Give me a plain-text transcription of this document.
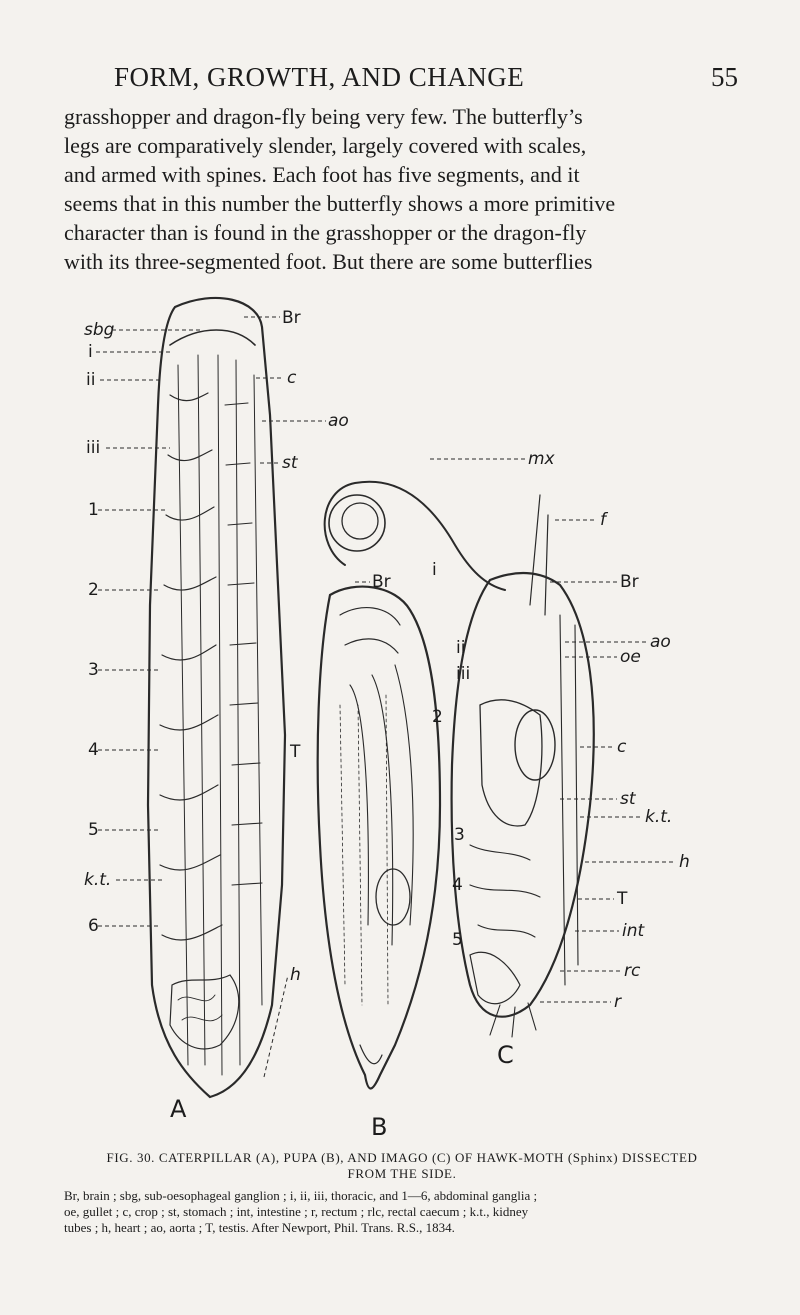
FORM, GROWTH, AND CHANGE	55
grasshopper and dragon-fly being very few. The butterfly’s
legs are comparatively slender, largely covered with scales,
and armed with spines. Each foot has five segments, and it
seems that in this number the butterfly shows a more primitive
character than is found in the grasshopper or the dragon-fly
with its three-segmented foot. But there are some butterflies
sbg
i
ii
iii
1
2
3
4
5
k.t.
6
Br
c
ao
st
T
h
Br
mx
f
Br
ao
oe
c
st
k.t.
h
T
int
rc
r
i
ii
iii
2
3
4
5
A
B
C
FIG. 30. CATERPILLAR (A), PUPA (B), AND IMAGO (C) OF HAWK-MOTH (Sphinx) DISSECTED
FROM THE SIDE.
Br, brain ; sbg, sub-oesophageal ganglion ; i, ii, iii, thoracic, and 1—6, abdominal ganglia ;
oe, gullet ; c, crop ; st, stomach ; int, intestine ; r, rectum ; rlc, rectal caecum ; k.t., kidney
tubes ; h, heart ; ao, aorta ; T, testis. After Newport, Phil. Trans. R.S., 1834.
